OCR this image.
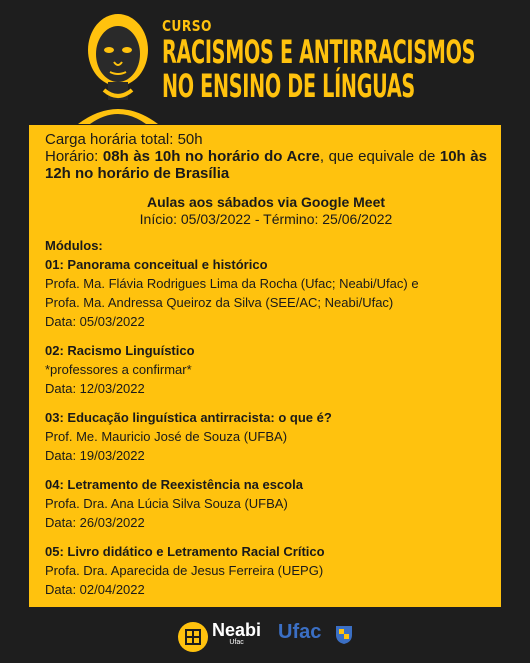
CURSO
RACISMOS E ANTIRRACISMOS
NO ENSINO DE LÍNGUAS
Carga horária total: 50h
Horário: 08h às 10h no horário do Acre, que equivale de 10h às 12h no horário de Brasília
Aulas aos sábados via Google Meet
Início: 05/03/2022 - Término: 25/06/2022
Módulos:
01: Panorama conceitual e histórico
Profa. Ma. Flávia Rodrigues Lima da Rocha (Ufac; Neabi/Ufac) e
Profa. Ma. Andressa Queiroz da Silva (SEE/AC; Neabi/Ufac)
Data: 05/03/2022
02: Racismo Linguístico
*professores a confirmar*
Data: 12/03/2022
03: Educação linguística antirracista: o que é?
Prof. Me. Mauricio José de Souza (UFBA)
Data: 19/03/2022
04: Letramento de Reexistência na escola
Profa. Dra. Ana Lúcia Silva Souza (UFBA)
Data: 26/03/2022
05: Livro didático e Letramento Racial Crítico
Profa. Dra. Aparecida de Jesus Ferreira (UEPG)
Data: 02/04/2022
Neabi
Ufac	Ufac
